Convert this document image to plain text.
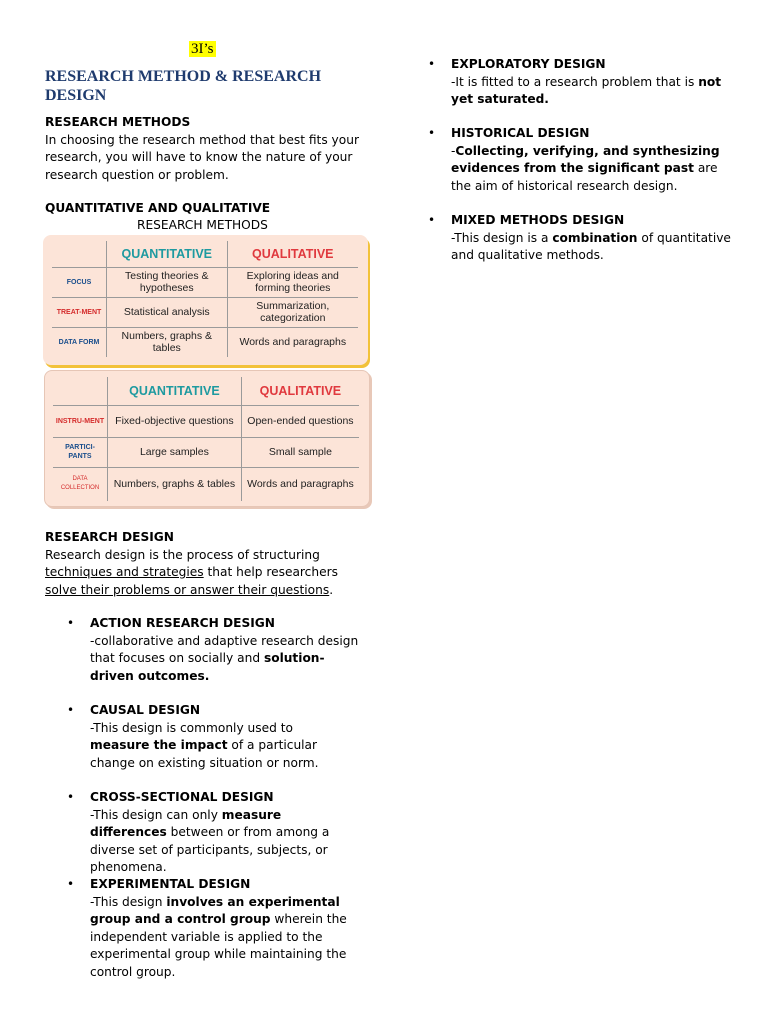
3I’s
RESEARCH METHOD & RESEARCH DESIGN
RESEARCH METHODS
In choosing the research method that best fits your research, you will have to know the nature of your research question or problem.
QUANTITATIVE AND QUALITATIVE
RESEARCH METHODS
	QUANTITATIVE	QUALITATIVE
FOCUS	Testing theories & hypotheses	Exploring ideas and forming theories
TREAT-MENT	Statistical analysis	Summarization, categorization
DATA FORM	Numbers, graphs & tables	Words and paragraphs
	QUANTITATIVE	QUALITATIVE
INSTRU-MENT	Fixed-objective questions	Open-ended questions
PARTICI-PANTS	Large samples	Small sample
DATA COLLECTION	Numbers, graphs & tables	Words and paragraphs
RESEARCH DESIGN
Research design is the process of structuring
techniques and strategies that help researchers
solve their problems or answer their questions.
• ACTION RESEARCH DESIGN
-collaborative and adaptive research design that focuses on socially and solution-driven outcomes.
• CAUSAL DESIGN
-This design is commonly used to measure the impact of a particular change on existing situation or norm.
• CROSS-SECTIONAL DESIGN
-This design can only measure differences between or from among a diverse set of participants, subjects, or phenomena.
• EXPERIMENTAL DESIGN
-This design involves an experimental group and a control group wherein the independent variable is applied to the experimental group while maintaining the control group.
• EXPLORATORY DESIGN
-It is fitted to a research problem that is not yet saturated.
• HISTORICAL DESIGN
-Collecting, verifying, and synthesizing evidences from the significant past are the aim of historical research design.
• MIXED METHODS DESIGN
-This design is a combination of quantitative and qualitative methods.
